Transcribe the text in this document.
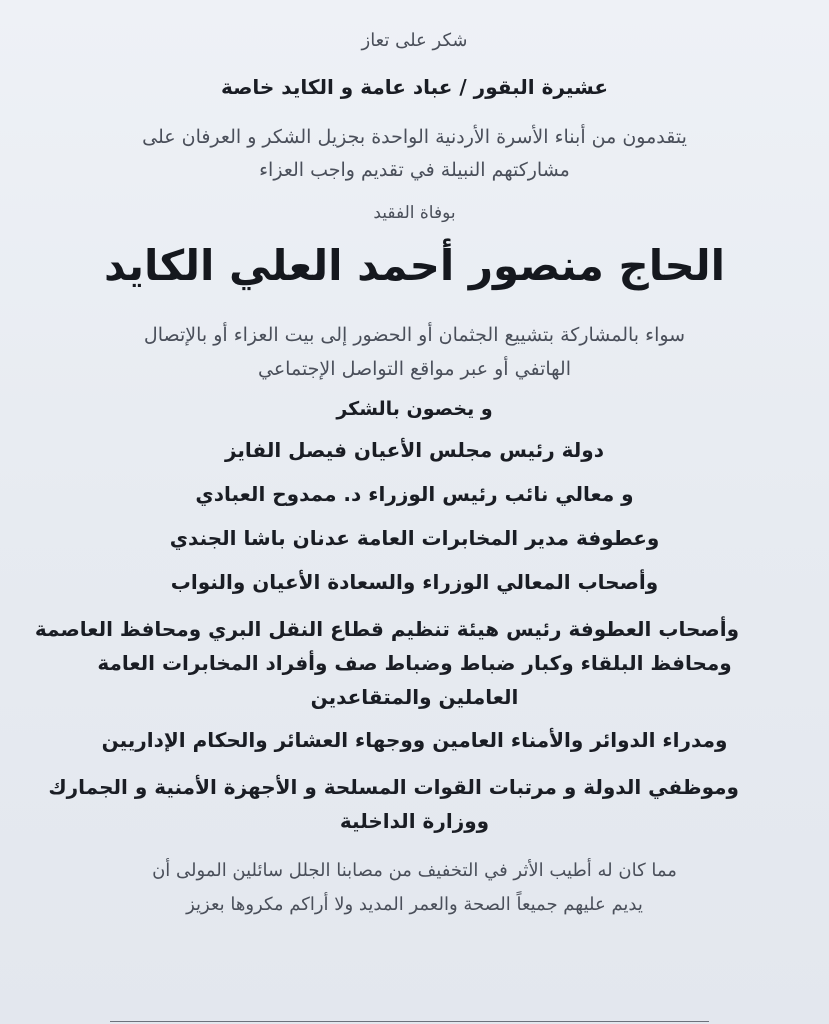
شكر على تعاز
عشيرة البقور / عباد عامة و الكايد خاصة
يتقدمون من أبناء الأسرة الأردنية الواحدة بجزيل الشكر و العرفان على
مشاركتهم النبيلة في تقديم واجب العزاء
بوفاة الفقيد
الحاج منصور أحمد العلي الكايد
سواء بالمشاركة بتشييع الجثمان أو الحضور إلى بيت العزاء أو بالإتصال
الهاتفي أو عبر مواقع التواصل الإجتماعي
و يخصون بالشكر
دولة رئيس مجلس الأعيان فيصل الفايز
و معالي نائب رئيس الوزراء د. ممدوح العبادي
وعطوفة مدير المخابرات العامة عدنان باشا الجندي
وأصحاب المعالي الوزراء والسعادة الأعيان والنواب
وأصحاب العطوفة رئيس هيئة تنظيم قطاع النقل البري ومحافظ العاصمة
ومحافظ البلقاء وكبار ضباط وضباط صف وأفراد المخابرات العامة
العاملين والمتقاعدين
ومدراء الدوائر والأمناء العامين ووجهاء العشائر والحكام الإداريين
وموظفي الدولة و مرتبات القوات المسلحة و الأجهزة الأمنية و الجمارك
ووزارة الداخلية
مما كان له أطيب الأثر في التخفيف من مصابنا الجلل سائلين المولى أن
يديم عليهم جميعاً الصحة والعمر المديد ولا أراكم مكروها بعزيز
